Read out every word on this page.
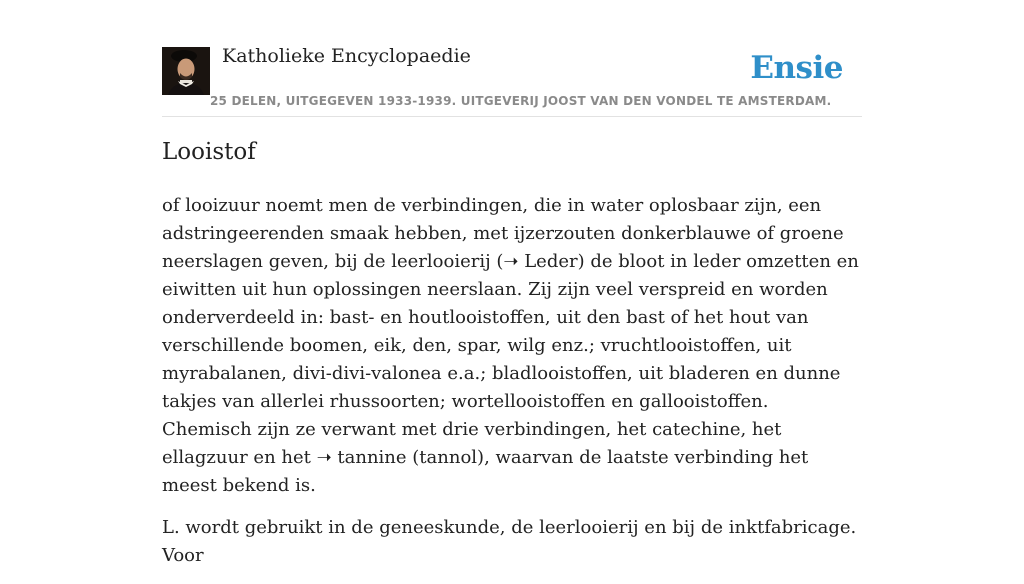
Katholieke Encyclopaedie	Ensie
25 DELEN, UITGEGEVEN 1933-1939. UITGEVERIJ JOOST VAN DEN VONDEL TE AMSTERDAM.
Looistof

of looizuur noemt men de verbindingen, die in water oplosbaar zijn, een adstringeerenden smaak hebben, met ijzerzouten donkerblauwe of groene neerslagen geven, bij de leerlooierij (➝ Leder) de bloot in leder omzetten en eiwitten uit hun oplossingen neerslaan. Zij zijn veel verspreid en worden onderverdeeld in: bast- en houtlooistoffen, uit den bast of het hout van verschillende boomen, eik, den, spar, wilg enz.; vruchtlooistoffen, uit myrabalanen, divi-divi-valonea e.a.; bladlooistoffen, uit bladeren en dunne takjes van allerlei rhussoorten; wortellooistoffen en gallooistoffen. Chemisch zijn ze verwant met drie verbindingen, het catechine, het ellagzuur en het ➝ tannine (tannol), waarvan de laatste verbinding het meest bekend is.

L. wordt gebruikt in de geneeskunde, de leerlooierij en bij de inktfabricage. Voor
